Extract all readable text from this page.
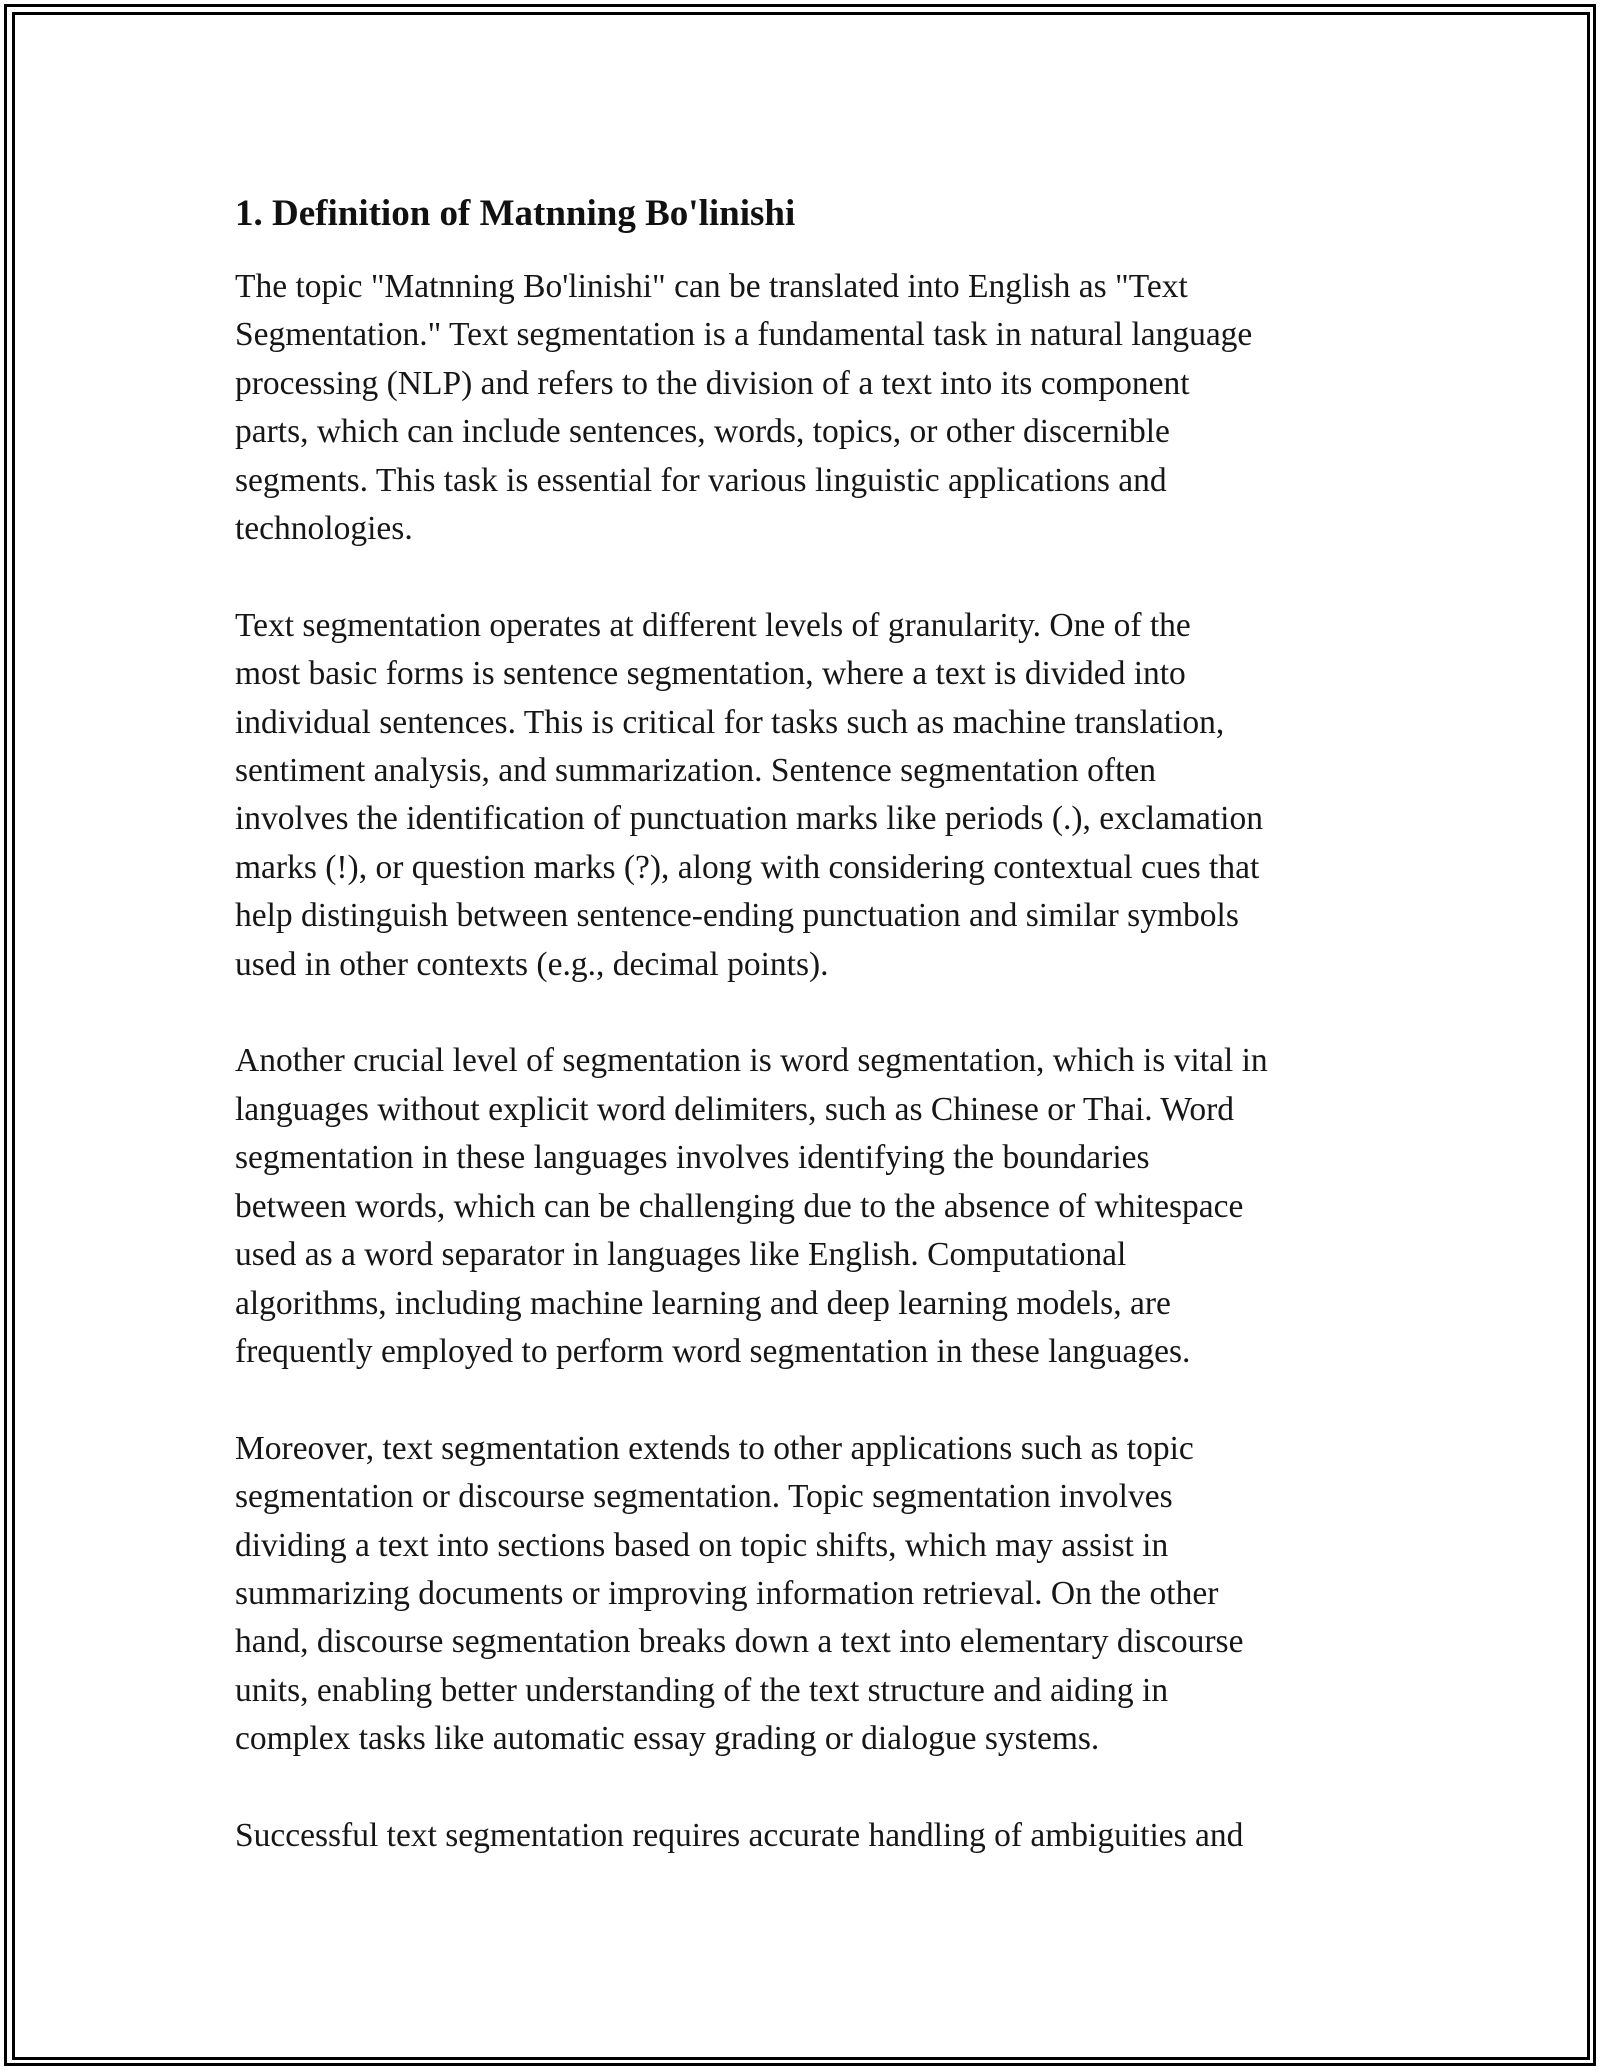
1. Definition of Matnning Bo'linishi

The topic "Matnning Bo'linishi" can be translated into English as "Text
Segmentation." Text segmentation is a fundamental task in natural language
processing (NLP) and refers to the division of a text into its component
parts, which can include sentences, words, topics, or other discernible
segments. This task is essential for various linguistic applications and
technologies.

Text segmentation operates at different levels of granularity. One of the
most basic forms is sentence segmentation, where a text is divided into
individual sentences. This is critical for tasks such as machine translation,
sentiment analysis, and summarization. Sentence segmentation often
involves the identification of punctuation marks like periods (.), exclamation
marks (!), or question marks (?), along with considering contextual cues that
help distinguish between sentence-ending punctuation and similar symbols
used in other contexts (e.g., decimal points).

Another crucial level of segmentation is word segmentation, which is vital in
languages without explicit word delimiters, such as Chinese or Thai. Word
segmentation in these languages involves identifying the boundaries
between words, which can be challenging due to the absence of whitespace
used as a word separator in languages like English. Computational
algorithms, including machine learning and deep learning models, are
frequently employed to perform word segmentation in these languages.

Moreover, text segmentation extends to other applications such as topic
segmentation or discourse segmentation. Topic segmentation involves
dividing a text into sections based on topic shifts, which may assist in
summarizing documents or improving information retrieval. On the other
hand, discourse segmentation breaks down a text into elementary discourse
units, enabling better understanding of the text structure and aiding in
complex tasks like automatic essay grading or dialogue systems.

Successful text segmentation requires accurate handling of ambiguities and
